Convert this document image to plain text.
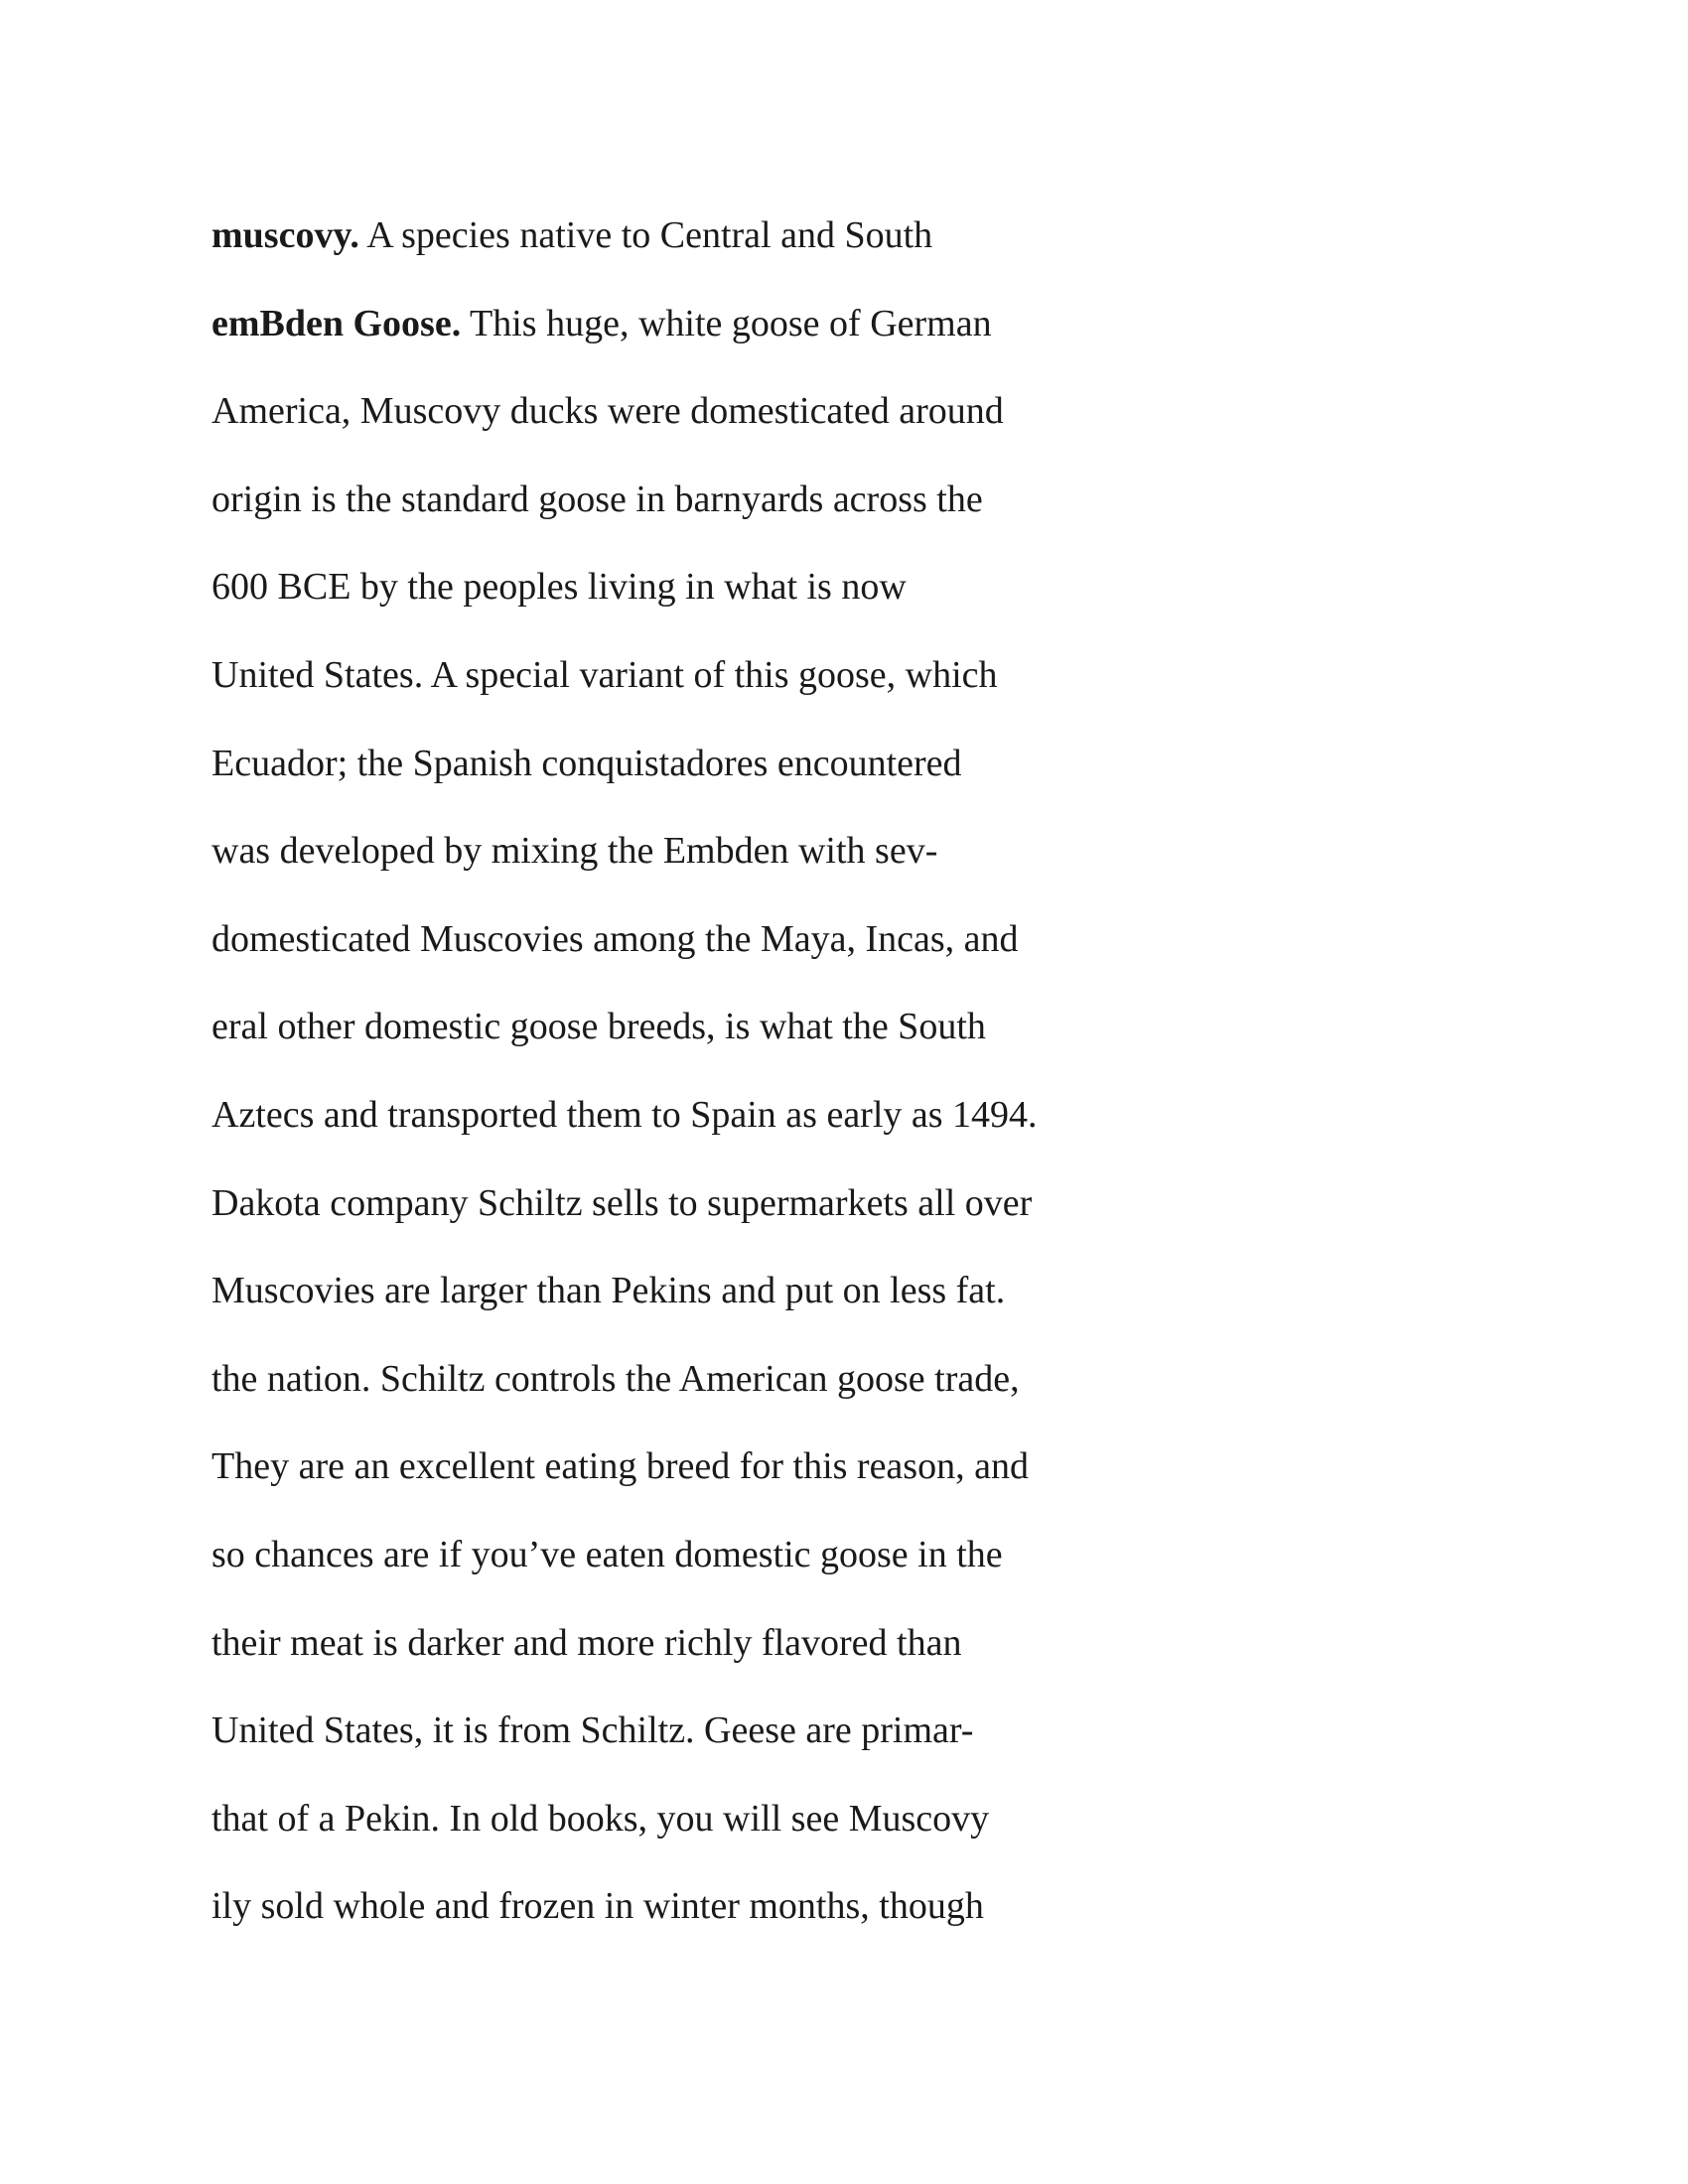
muscovy. A species native to Central and South

emBden Goose. This huge, white goose of German

America, Muscovy ducks were domesticated around

origin is the standard goose in barnyards across the

600 BCE by the peoples living in what is now

United States. A special variant of this goose, which

Ecuador; the Spanish conquistadores encountered

was developed by mixing the Embden with sev-

domesticated Muscovies among the Maya, Incas, and

eral other domestic goose breeds, is what the South

Aztecs and transported them to Spain as early as 1494.

Dakota company Schiltz sells to supermarkets all over

Muscovies are larger than Pekins and put on less fat.

the nation. Schiltz controls the American goose trade,

They are an excellent eating breed for this reason, and

so chances are if you’ve eaten domestic goose in the

their meat is darker and more richly flavored than

United States, it is from Schiltz. Geese are primar-

that of a Pekin. In old books, you will see Muscovy

ily sold whole and frozen in winter months, though
